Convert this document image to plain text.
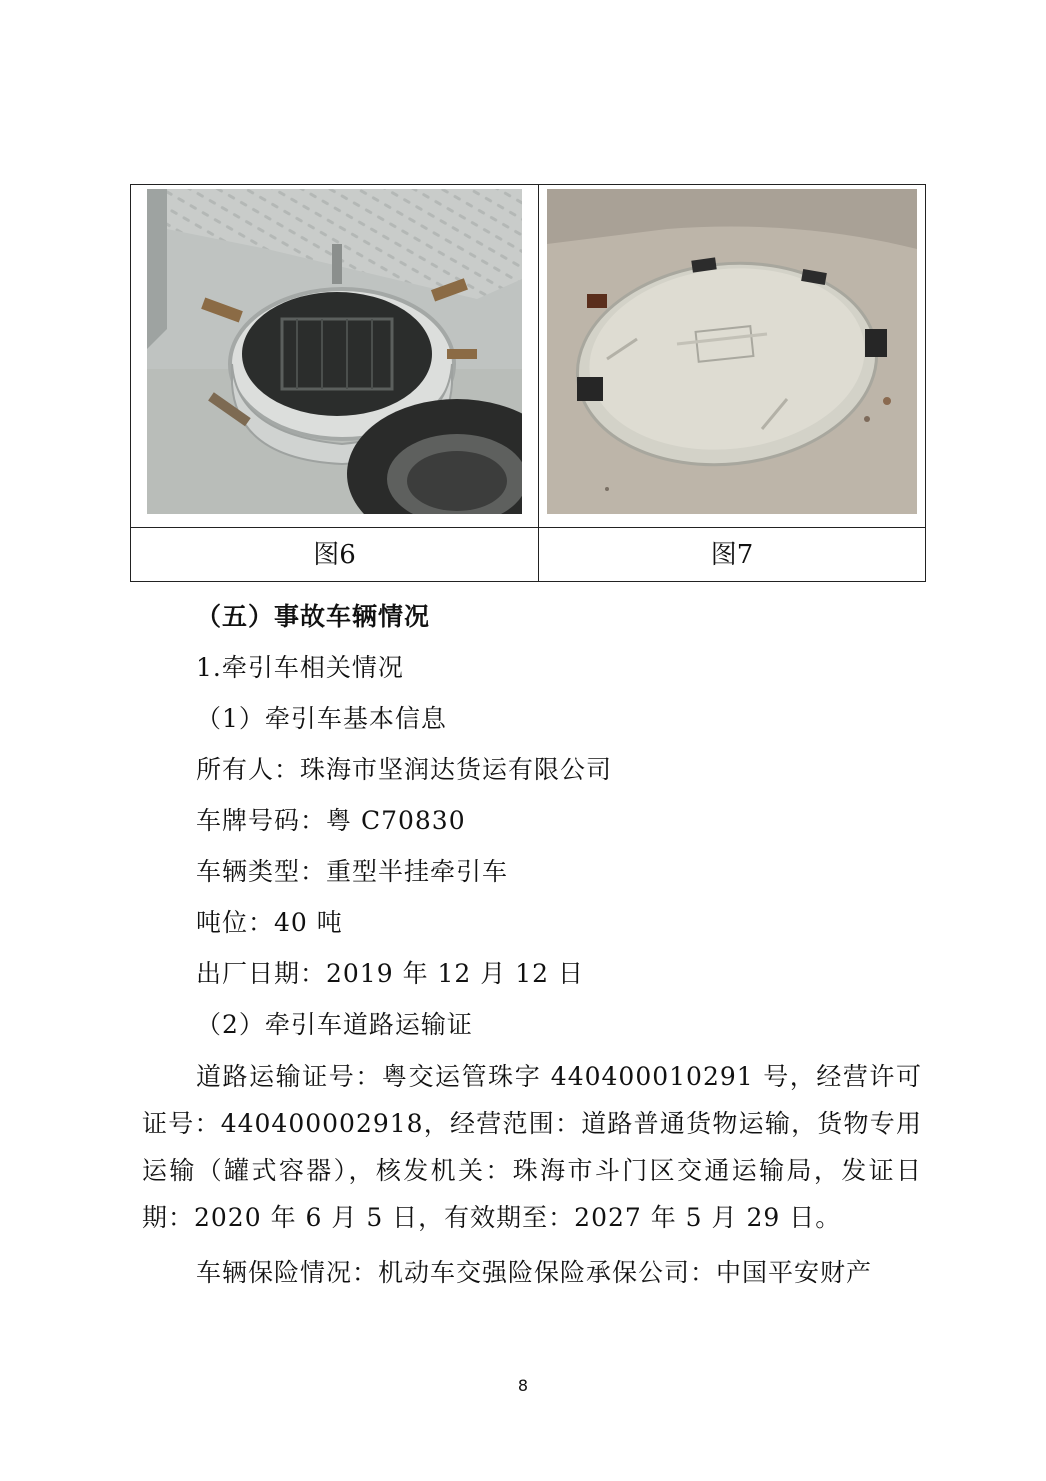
图6	图7
（五）事故车辆情况
1.牵引车相关情况
（1）牵引车基本信息
所有人：珠海市坚润达货运有限公司
车牌号码：粤 C70830
车辆类型：重型半挂牵引车
吨位：40 吨
出厂日期：2019 年 12 月 12 日
（2）牵引车道路运输证
道路运输证号：粤交运管珠字 440400010291 号，经营许可证号：440400002918，经营范围：道路普通货物运输，货物专用运输（罐式容器），核发机关：珠海市斗门区交通运输局，发证日期：2020 年 6 月 5 日，有效期至：2027 年 5 月 29 日。
车辆保险情况：机动车交强险保险承保公司：中国平安财产
8
